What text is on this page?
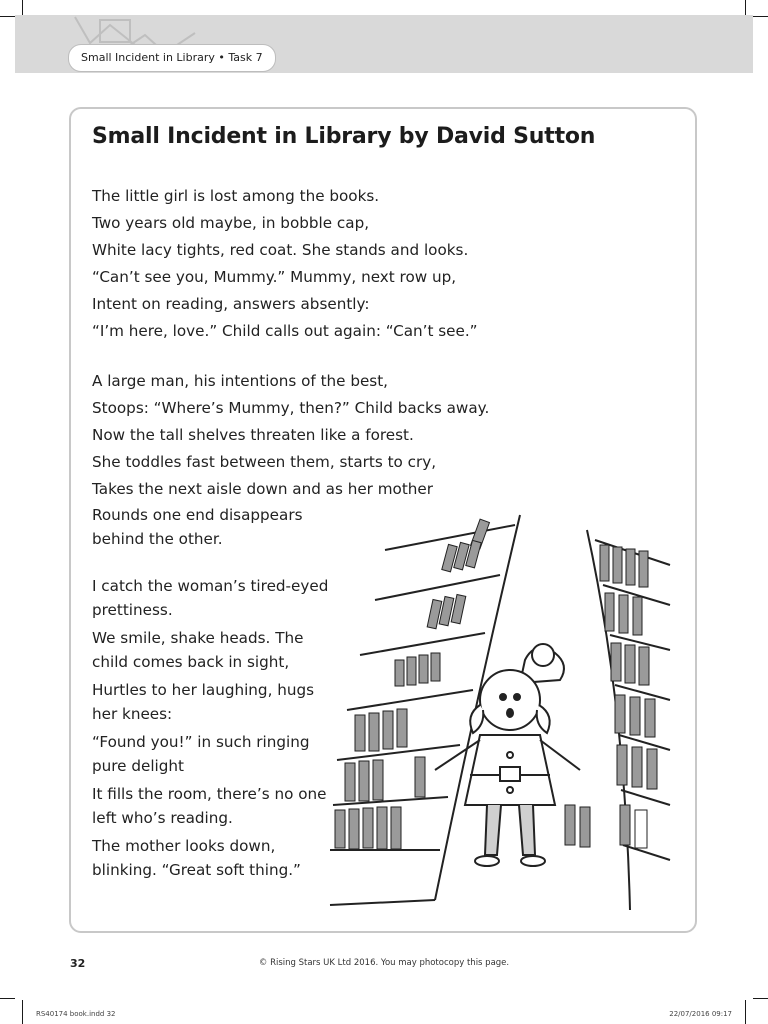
Small Incident in Library • Task 7
Small Incident in Library by David Sutton
The little girl is lost among the books.
Two years old maybe, in bobble cap,
White lacy tights, red coat. She stands and looks.
“Can’t see you, Mummy.” Mummy, next row up,
Intent on reading, answers absently:
“I’m here, love.” Child calls out again: “Can’t see.”
A large man, his intentions of the best,
Stoops: “Where’s Mummy, then?” Child backs away.
Now the tall shelves threaten like a forest.
She toddles fast between them, starts to cry,
Takes the next aisle down and as her mother
Rounds one end disappears
behind the other.
I catch the woman’s tired-eyed
prettiness.
We smile, shake heads. The
child comes back in sight,
Hurtles to her laughing, hugs
her knees:
“Found you!” in such ringing
pure delight
It fills the room, there’s no one
left who’s reading.
The mother looks down,
blinking. “Great soft thing.”
32	© Rising Stars UK Ltd 2016. You may photocopy this page.
RS40174 book.indd 32	22/07/2016 09:17
